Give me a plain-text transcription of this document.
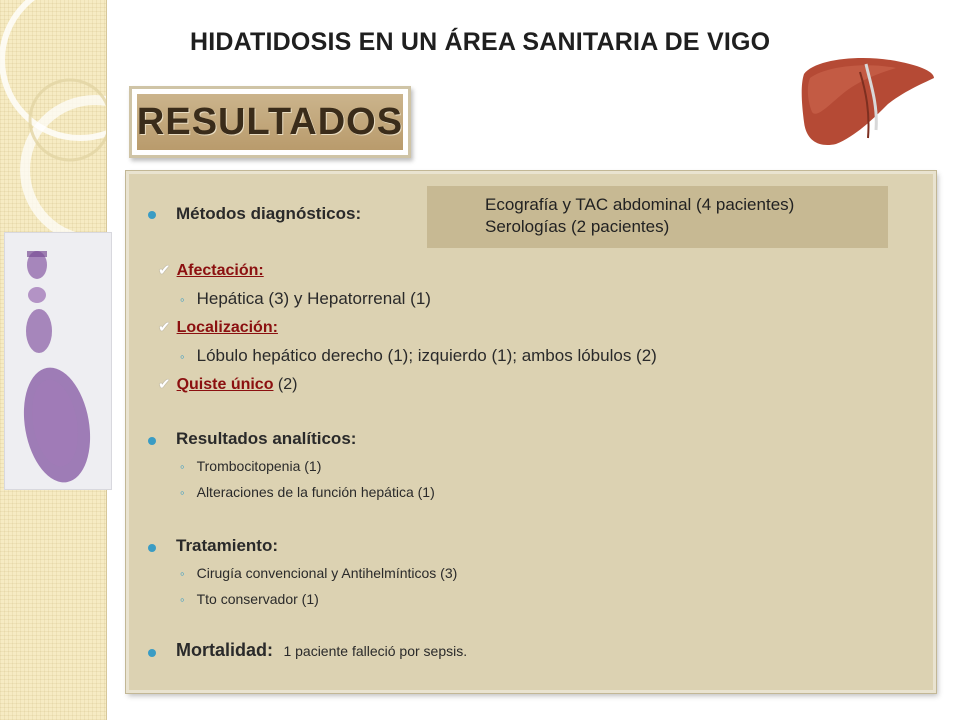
HIDATIDOSIS EN UN ÁREA SANITARIA DE VIGO
RESULTADOS
Ecografía y TAC abdominal (4 pacientes)
Serologías (2 pacientes)
Métodos diagnósticos:
✔ Afectación:
◦ Hepática (3) y Hepatorrenal (1)
✔ Localización:
◦ Lóbulo hepático derecho (1); izquierdo (1); ambos lóbulos (2)
✔ Quiste único (2)
Resultados analíticos:
◦ Trombocitopenia (1)
◦ Alteraciones de la función hepática (1)
Tratamiento:
◦ Cirugía convencional y Antihelmínticos (3)
◦ Tto conservador (1)
Mortalidad: 1 paciente falleció por sepsis.
